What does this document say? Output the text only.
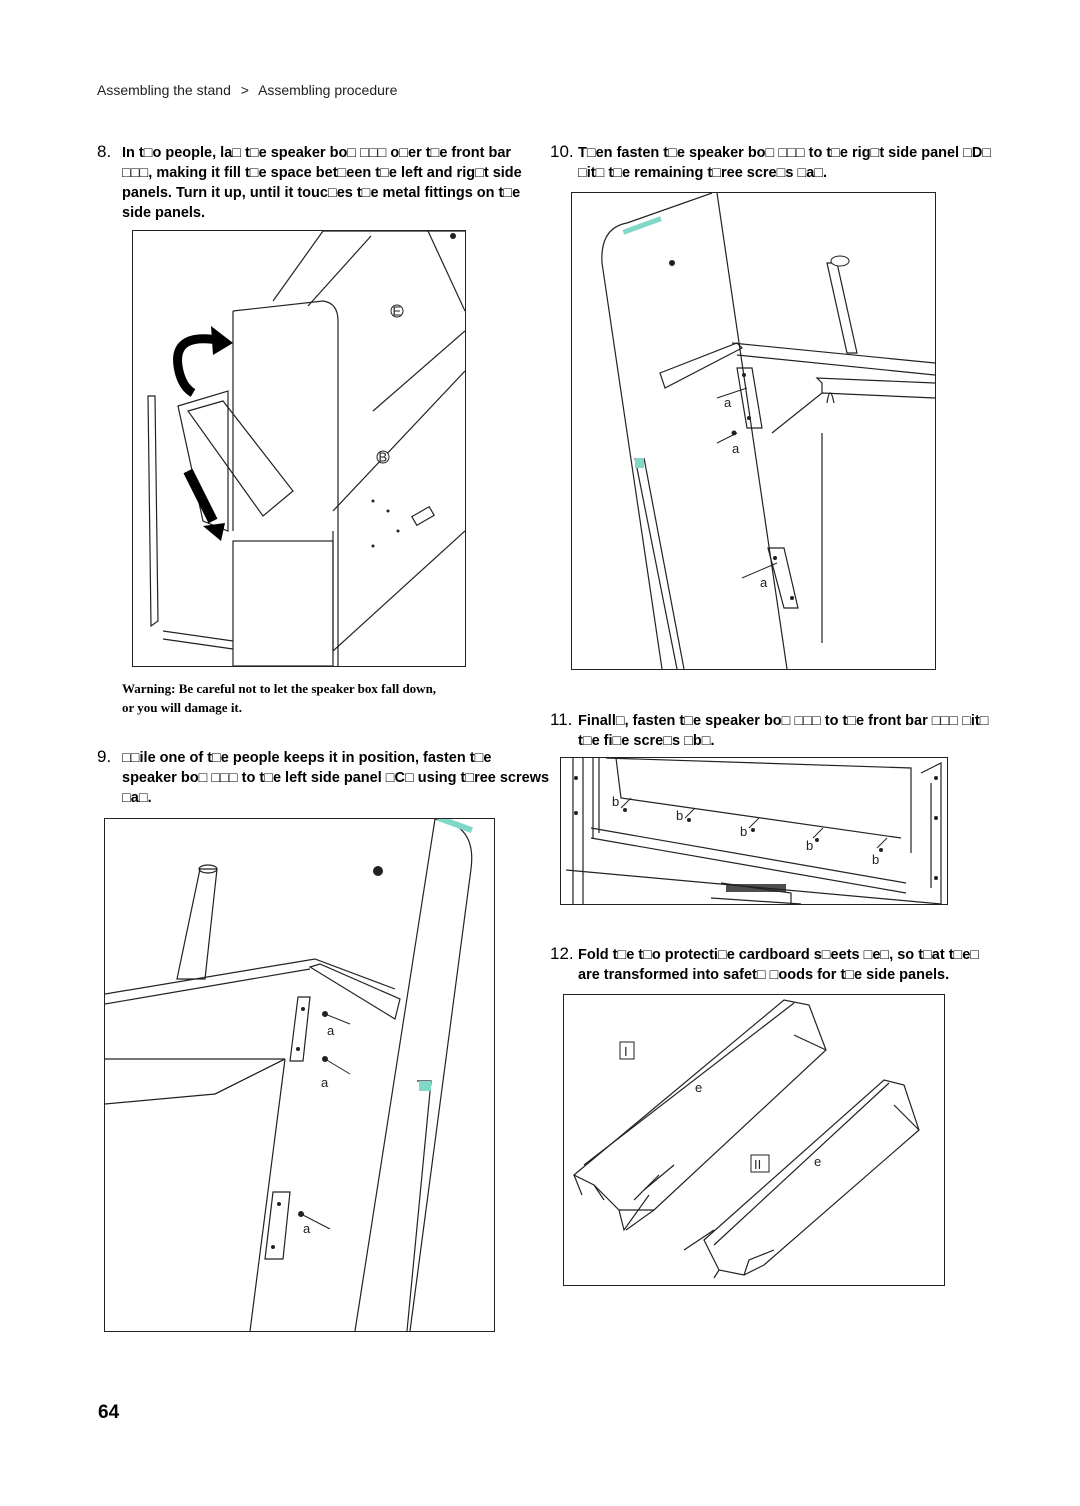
Assembling the stand > Assembling procedure
8. In t□o people, la□ t□e speaker bo□ □□□ o□er t□e front bar
□□□, making it fill t□e space bet□een t□e left and rig□t side
panels. Turn it up, until it touc□es t□e metal fittings on t□e
side panels.
10. T□en fasten t□e speaker bo□ □□□ to t□e rig□t side panel □D□
□it□ t□e remaining t□ree scre□s □a□.
E
B
a
a
a
Warning: Be careful not to let the speaker box fall down,
or you will damage it.
11. Finall□, fasten t□e speaker bo□ □□□ to t□e front bar □□□ □it□
t□e fi□e scre□s □b□.
□□ile one of t□e people keeps it in position, fasten t□e
speaker bo□ □□□ to t□e left side panel □C□ using t□ree screws
□a□.
9.
b
b
b
b
b
a
a
a
12. Fold t□e t□o protecti□e cardboard s□eets □e□, so t□at t□e□
are transformed into safet□ □oods for t□e side panels.
I
II
e
e
64
